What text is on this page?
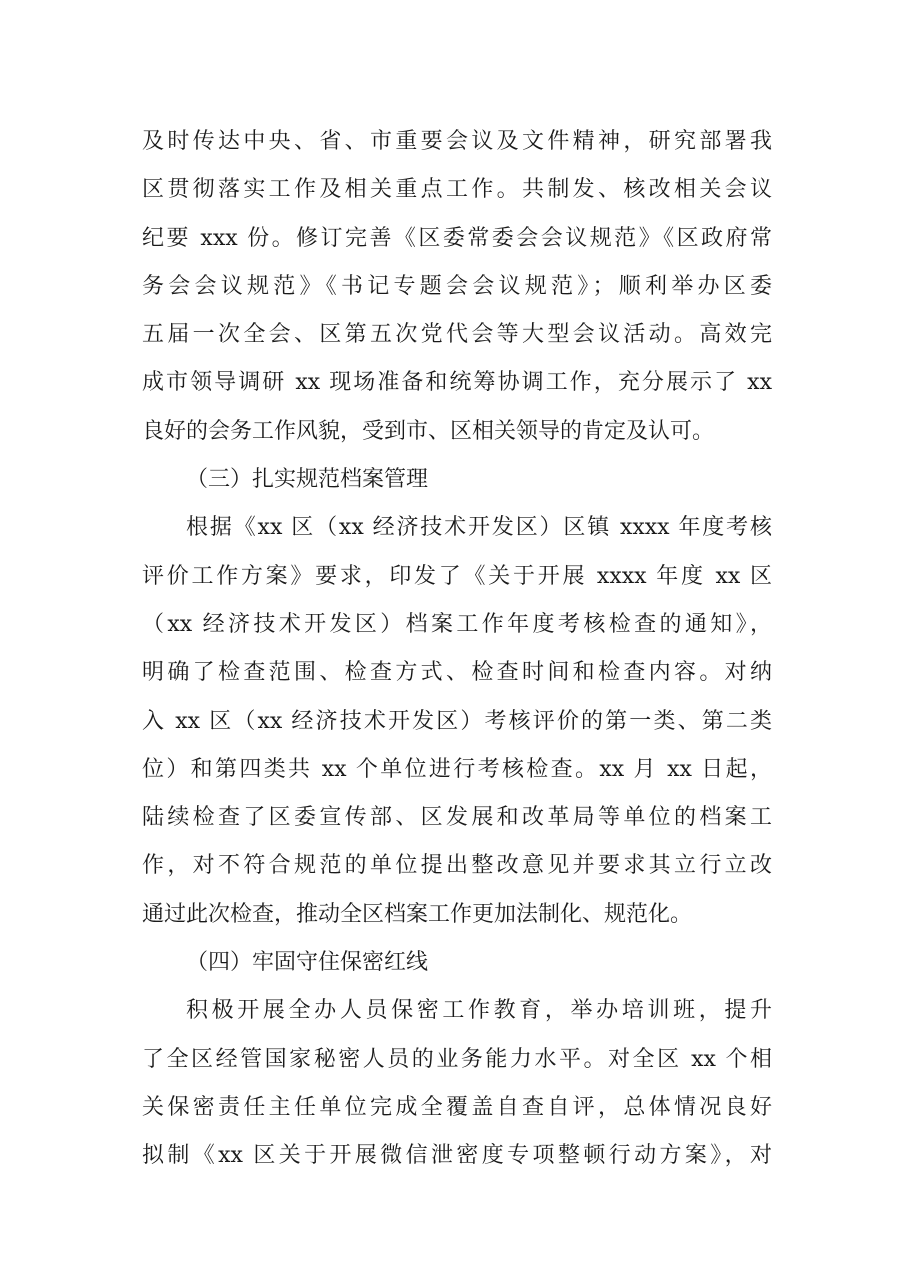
及时传达中央、省、市重要会议及文件精神，研究部署我
区贯彻落实工作及相关重点工作。共制发、核改相关会议
纪要 xxx 份。修订完善《区委常委会会议规范》《区政府常
务会会议规范》《书记专题会会议规范》；顺利举办区委
五届一次全会、区第五次党代会等大型会议活动。高效完
成市领导调研 xx 现场准备和统筹协调工作，充分展示了 xx
良好的会务工作风貌，受到市、区相关领导的肯定及认可。
（三）扎实规范档案管理
根据《xx 区（xx 经济技术开发区）区镇 xxxx 年度考核
评价工作方案》要求，印发了《关于开展 xxxx 年度 xx 区
（xx 经济技术开发区）档案工作年度考核检查的通知》，
明确了检查范围、检查方式、检查时间和检查内容。对纳
入 xx 区（xx 经济技术开发区）考核评价的第一类、第二类
位）和第四类共 xx 个单位进行考核检查。xx 月 xx 日起，
陆续检查了区委宣传部、区发展和改革局等单位的档案工
作，对不符合规范的单位提出整改意见并要求其立行立改
通过此次检查，推动全区档案工作更加法制化、规范化。
（四）牢固守住保密红线
积极开展全办人员保密工作教育，举办培训班，提升
了全区经管国家秘密人员的业务能力水平。对全区 xx 个相
关保密责任主任单位完成全覆盖自查自评，总体情况良好
拟制《xx 区关于开展微信泄密度专项整顿行动方案》，对
